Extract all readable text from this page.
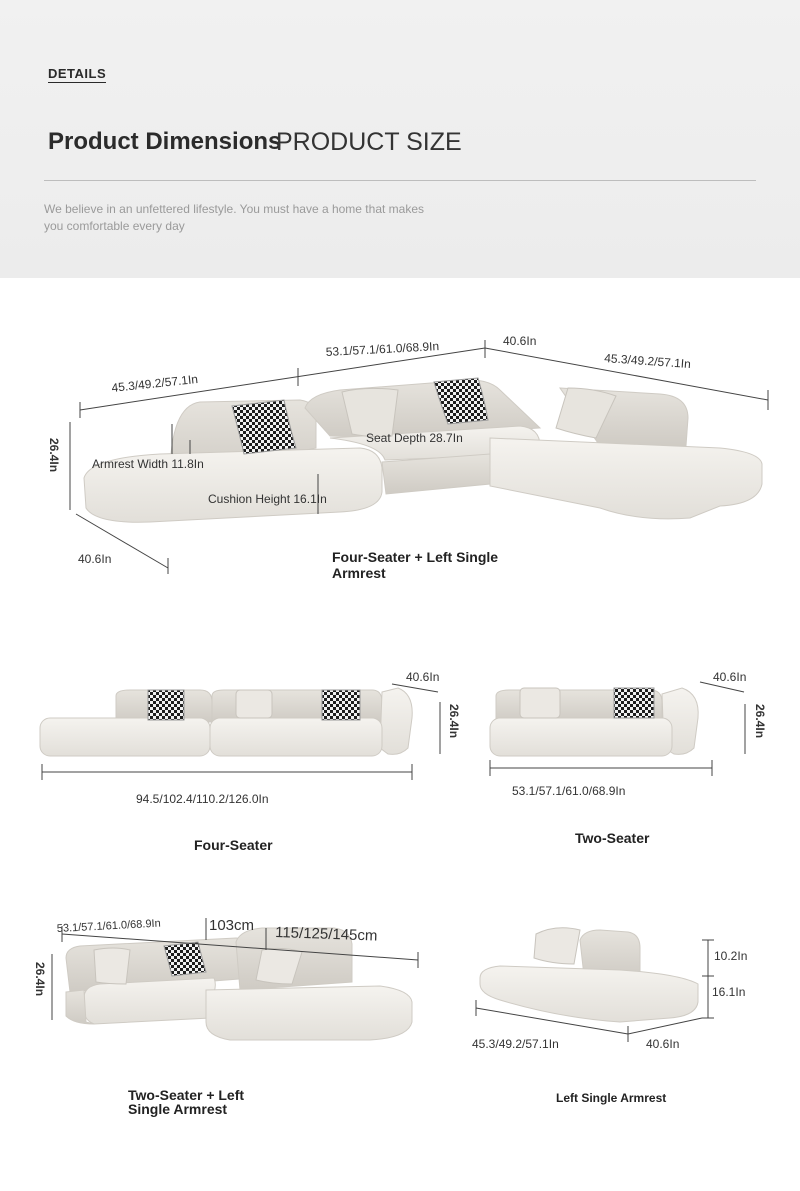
DETAILS
Product Dimensions
PRODUCT SIZE
We believe in an unfettered lifestyle. You must have a home that makes
you comfortable every day
45.3/49.2/57.1In
53.1/57.1/61.0/68.9In	40.6In
45.3/49.2/57.1In
26.4In	Armrest Width 11.8In
Seat Depth 28.7In
Cushion Height 16.1In
40.6In	Four-Seater + Left Single
Armrest
40.6In
26.4In
94.5/102.4/110.2/126.0In
Four-Seater
40.6In
26.4In
53.1/57.1/61.0/68.9In
Two-Seater
53.1/57.1/61.0/68.9In	103cm 115/125/145cm
26.4In
Two-Seater + Left
Single Armrest
10.2In
16.1In
45.3/49.2/57.1In	40.6In
Left Single Armrest
